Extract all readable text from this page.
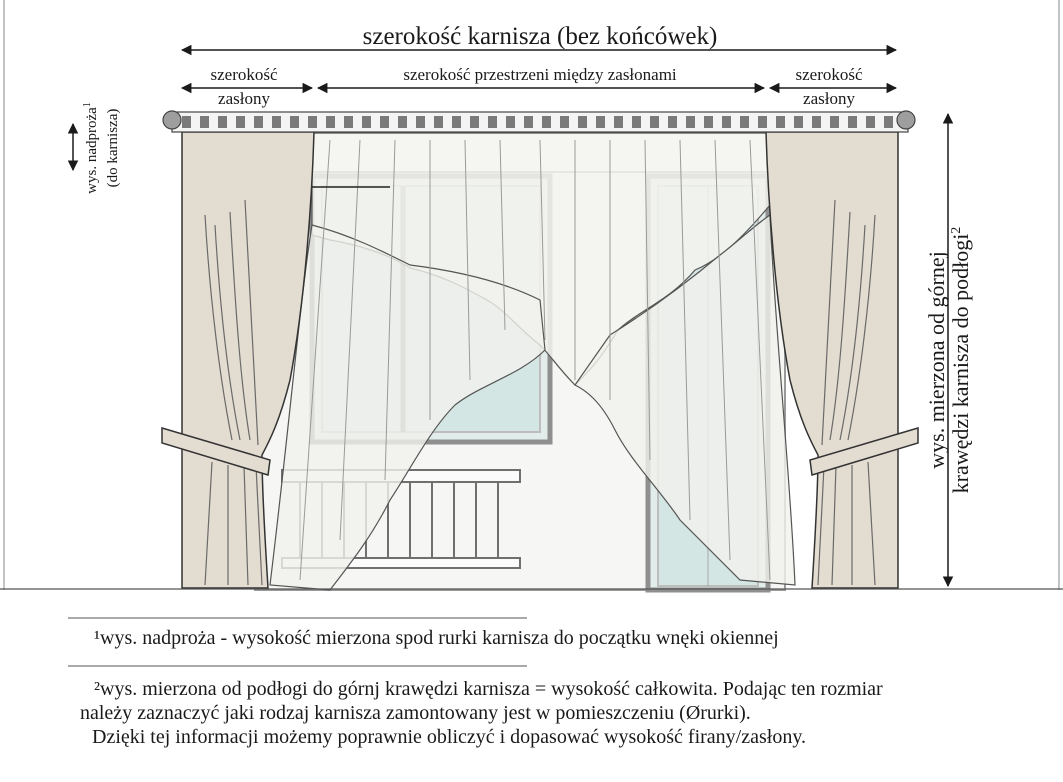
szerokość karnisza (bez końcówek)
szerokość
zasłony
szerokość przestrzeni między zasłonami	szerokość
zasłony
wys. nadproża$^1$
(do karnisza)
wys. mierzona od górnej krawędzi karnisza do podłogi$^2$

¹wys. nadproża - wysokość mierzona spod rurki karnisza do początku wnęki okiennej

²wys. mierzona od podłogi do górnj krawędzi karnisza = wysokość całkowita. Podając ten rozmiar

należy zaznaczyć jaki rodzaj karnisza zamontowany jest w pomieszczeniu (Ørurki).

Dzięki tej informacji możemy poprawnie obliczyć i dopasować wysokość firany/zasłony.
